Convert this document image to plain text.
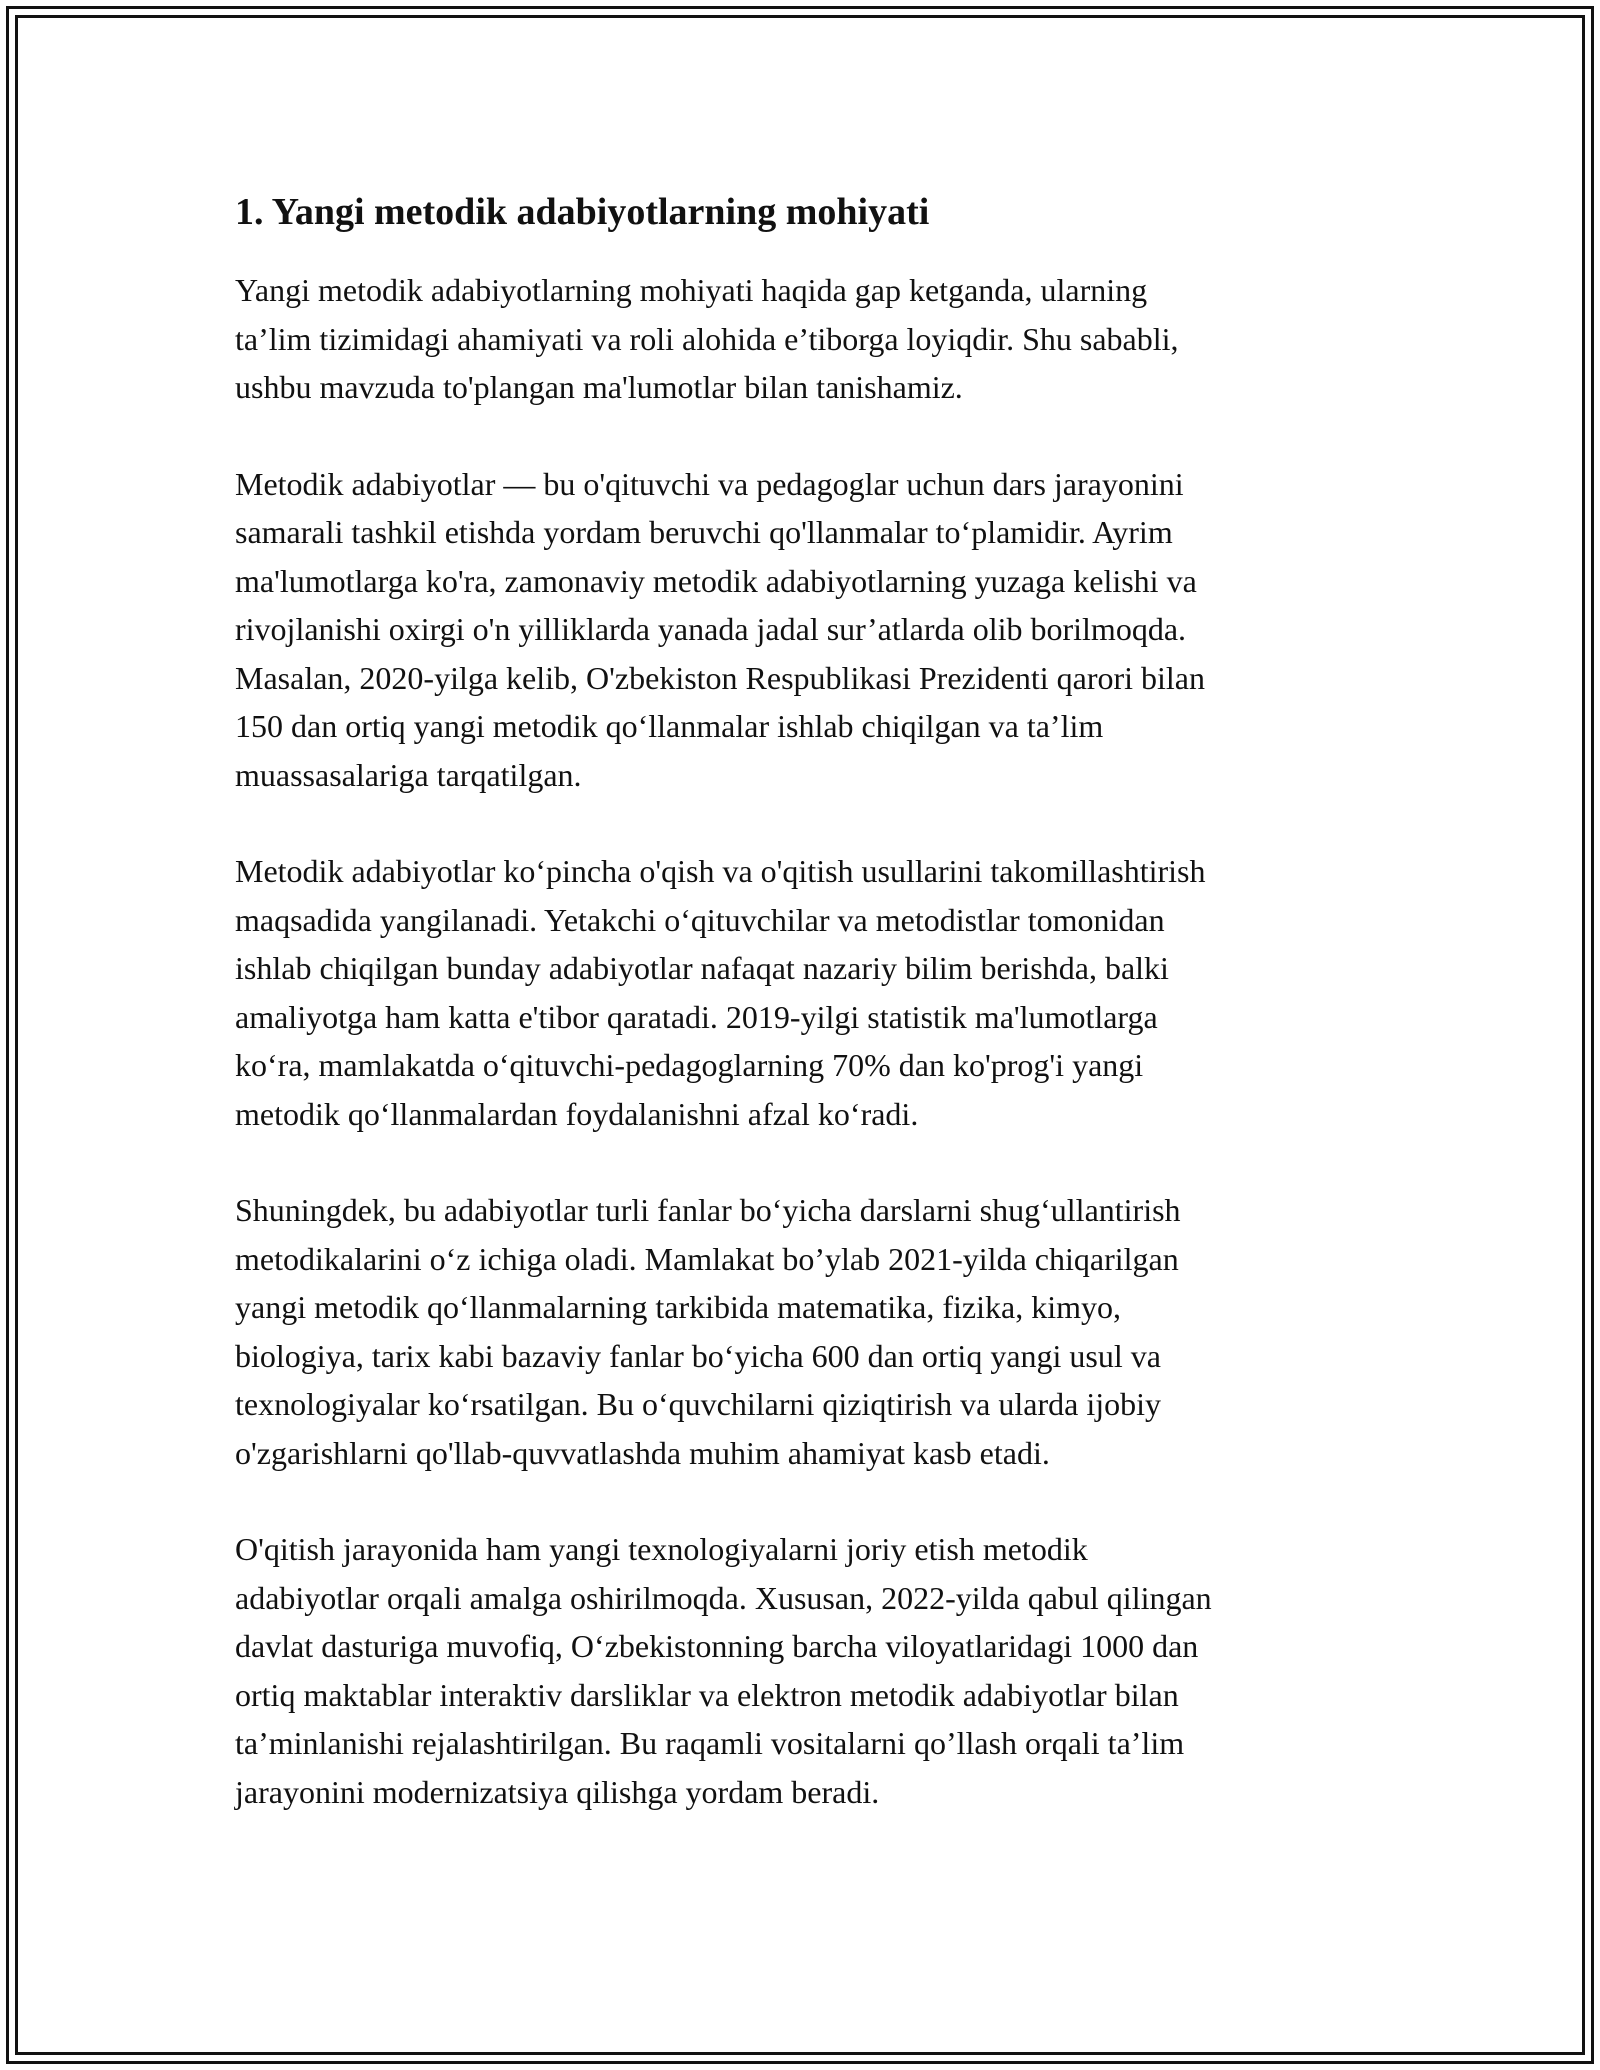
1. Yangi metodik adabiyotlarning mohiyati

Yangi metodik adabiyotlarning mohiyati haqida gap ketganda, ularning
ta’lim tizimidagi ahamiyati va roli alohida e’tiborga loyiqdir. Shu sababli,
ushbu mavzuda to'plangan ma'lumotlar bilan tanishamiz.

Metodik adabiyotlar — bu o'qituvchi va pedagoglar uchun dars jarayonini
samarali tashkil etishda yordam beruvchi qo'llanmalar to‘plamidir. Ayrim
ma'lumotlarga ko'ra, zamonaviy metodik adabiyotlarning yuzaga kelishi va
rivojlanishi oxirgi o'n yilliklarda yanada jadal sur’atlarda olib borilmoqda.
Masalan, 2020-yilga kelib, O'zbekiston Respublikasi Prezidenti qarori bilan
150 dan ortiq yangi metodik qo‘llanmalar ishlab chiqilgan va ta’lim
muassasalariga tarqatilgan.

Metodik adabiyotlar ko‘pincha o'qish va o'qitish usullarini takomillashtirish
maqsadida yangilanadi. Yetakchi o‘qituvchilar va metodistlar tomonidan
ishlab chiqilgan bunday adabiyotlar nafaqat nazariy bilim berishda, balki
amaliyotga ham katta e'tibor qaratadi. 2019-yilgi statistik ma'lumotlarga
ko‘ra, mamlakatda o‘qituvchi-pedagoglarning 70% dan ko'prog'i yangi
metodik qo‘llanmalardan foydalanishni afzal ko‘radi.

Shuningdek, bu adabiyotlar turli fanlar bo‘yicha darslarni shug‘ullantirish
metodikalarini o‘z ichiga oladi. Mamlakat bo’ylab 2021-yilda chiqarilgan
yangi metodik qo‘llanmalarning tarkibida matematika, fizika, kimyo,
biologiya, tarix kabi bazaviy fanlar bo‘yicha 600 dan ortiq yangi usul va
texnologiyalar ko‘rsatilgan. Bu o‘quvchilarni qiziqtirish va ularda ijobiy
o'zgarishlarni qo'llab-quvvatlashda muhim ahamiyat kasb etadi.

O'qitish jarayonida ham yangi texnologiyalarni joriy etish metodik
adabiyotlar orqali amalga oshirilmoqda. Xususan, 2022-yilda qabul qilingan
davlat dasturiga muvofiq, O‘zbekistonning barcha viloyatlaridagi 1000 dan
ortiq maktablar interaktiv darsliklar va elektron metodik adabiyotlar bilan
ta’minlanishi rejalashtirilgan. Bu raqamli vositalarni qo’llash orqali ta’lim
jarayonini modernizatsiya qilishga yordam beradi.
